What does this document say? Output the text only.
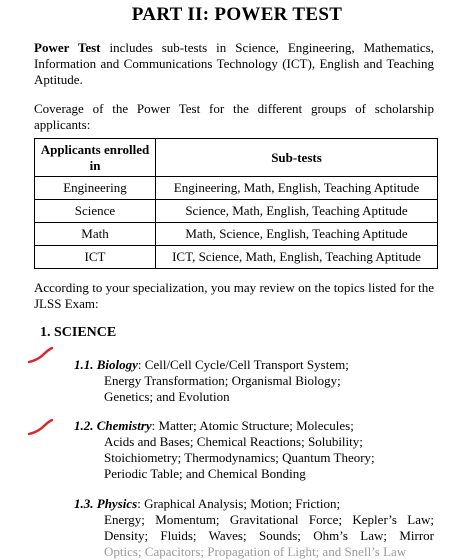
PART II: POWER TEST
Power Test includes sub-tests in Science, Engineering, Mathematics, Information and Communications Technology (ICT), English and Teaching Aptitude.
Coverage of the Power Test for the different groups of scholarship applicants:
Applicants enrolled in	Sub-tests
Engineering	Engineering, Math, English, Teaching Aptitude
Science	Science, Math, English, Teaching Aptitude
Math	Math, Science, English, Teaching Aptitude
ICT	ICT, Science, Math, English, Teaching Aptitude
According to your specialization, you may review on the topics listed for the JLSS Exam:
1. SCIENCE
1.1. Biology: Cell/Cell Cycle/Cell Transport System;
Energy Transformation; Organismal Biology;
Genetics; and Evolution
1.2. Chemistry: Matter; Atomic Structure; Molecules;
Acids and Bases; Chemical Reactions; Solubility;
Stoichiometry; Thermodynamics; Quantum Theory;
Periodic Table; and Chemical Bonding
1.3. Physics: Graphical Analysis; Motion; Friction;
Energy; Momentum; Gravitational Force; Kepler’s Law;
Density; Fluids; Waves; Sounds; Ohm’s Law; Mirror
Optics; Capacitors; Propagation of Light; and Snell’s Law
